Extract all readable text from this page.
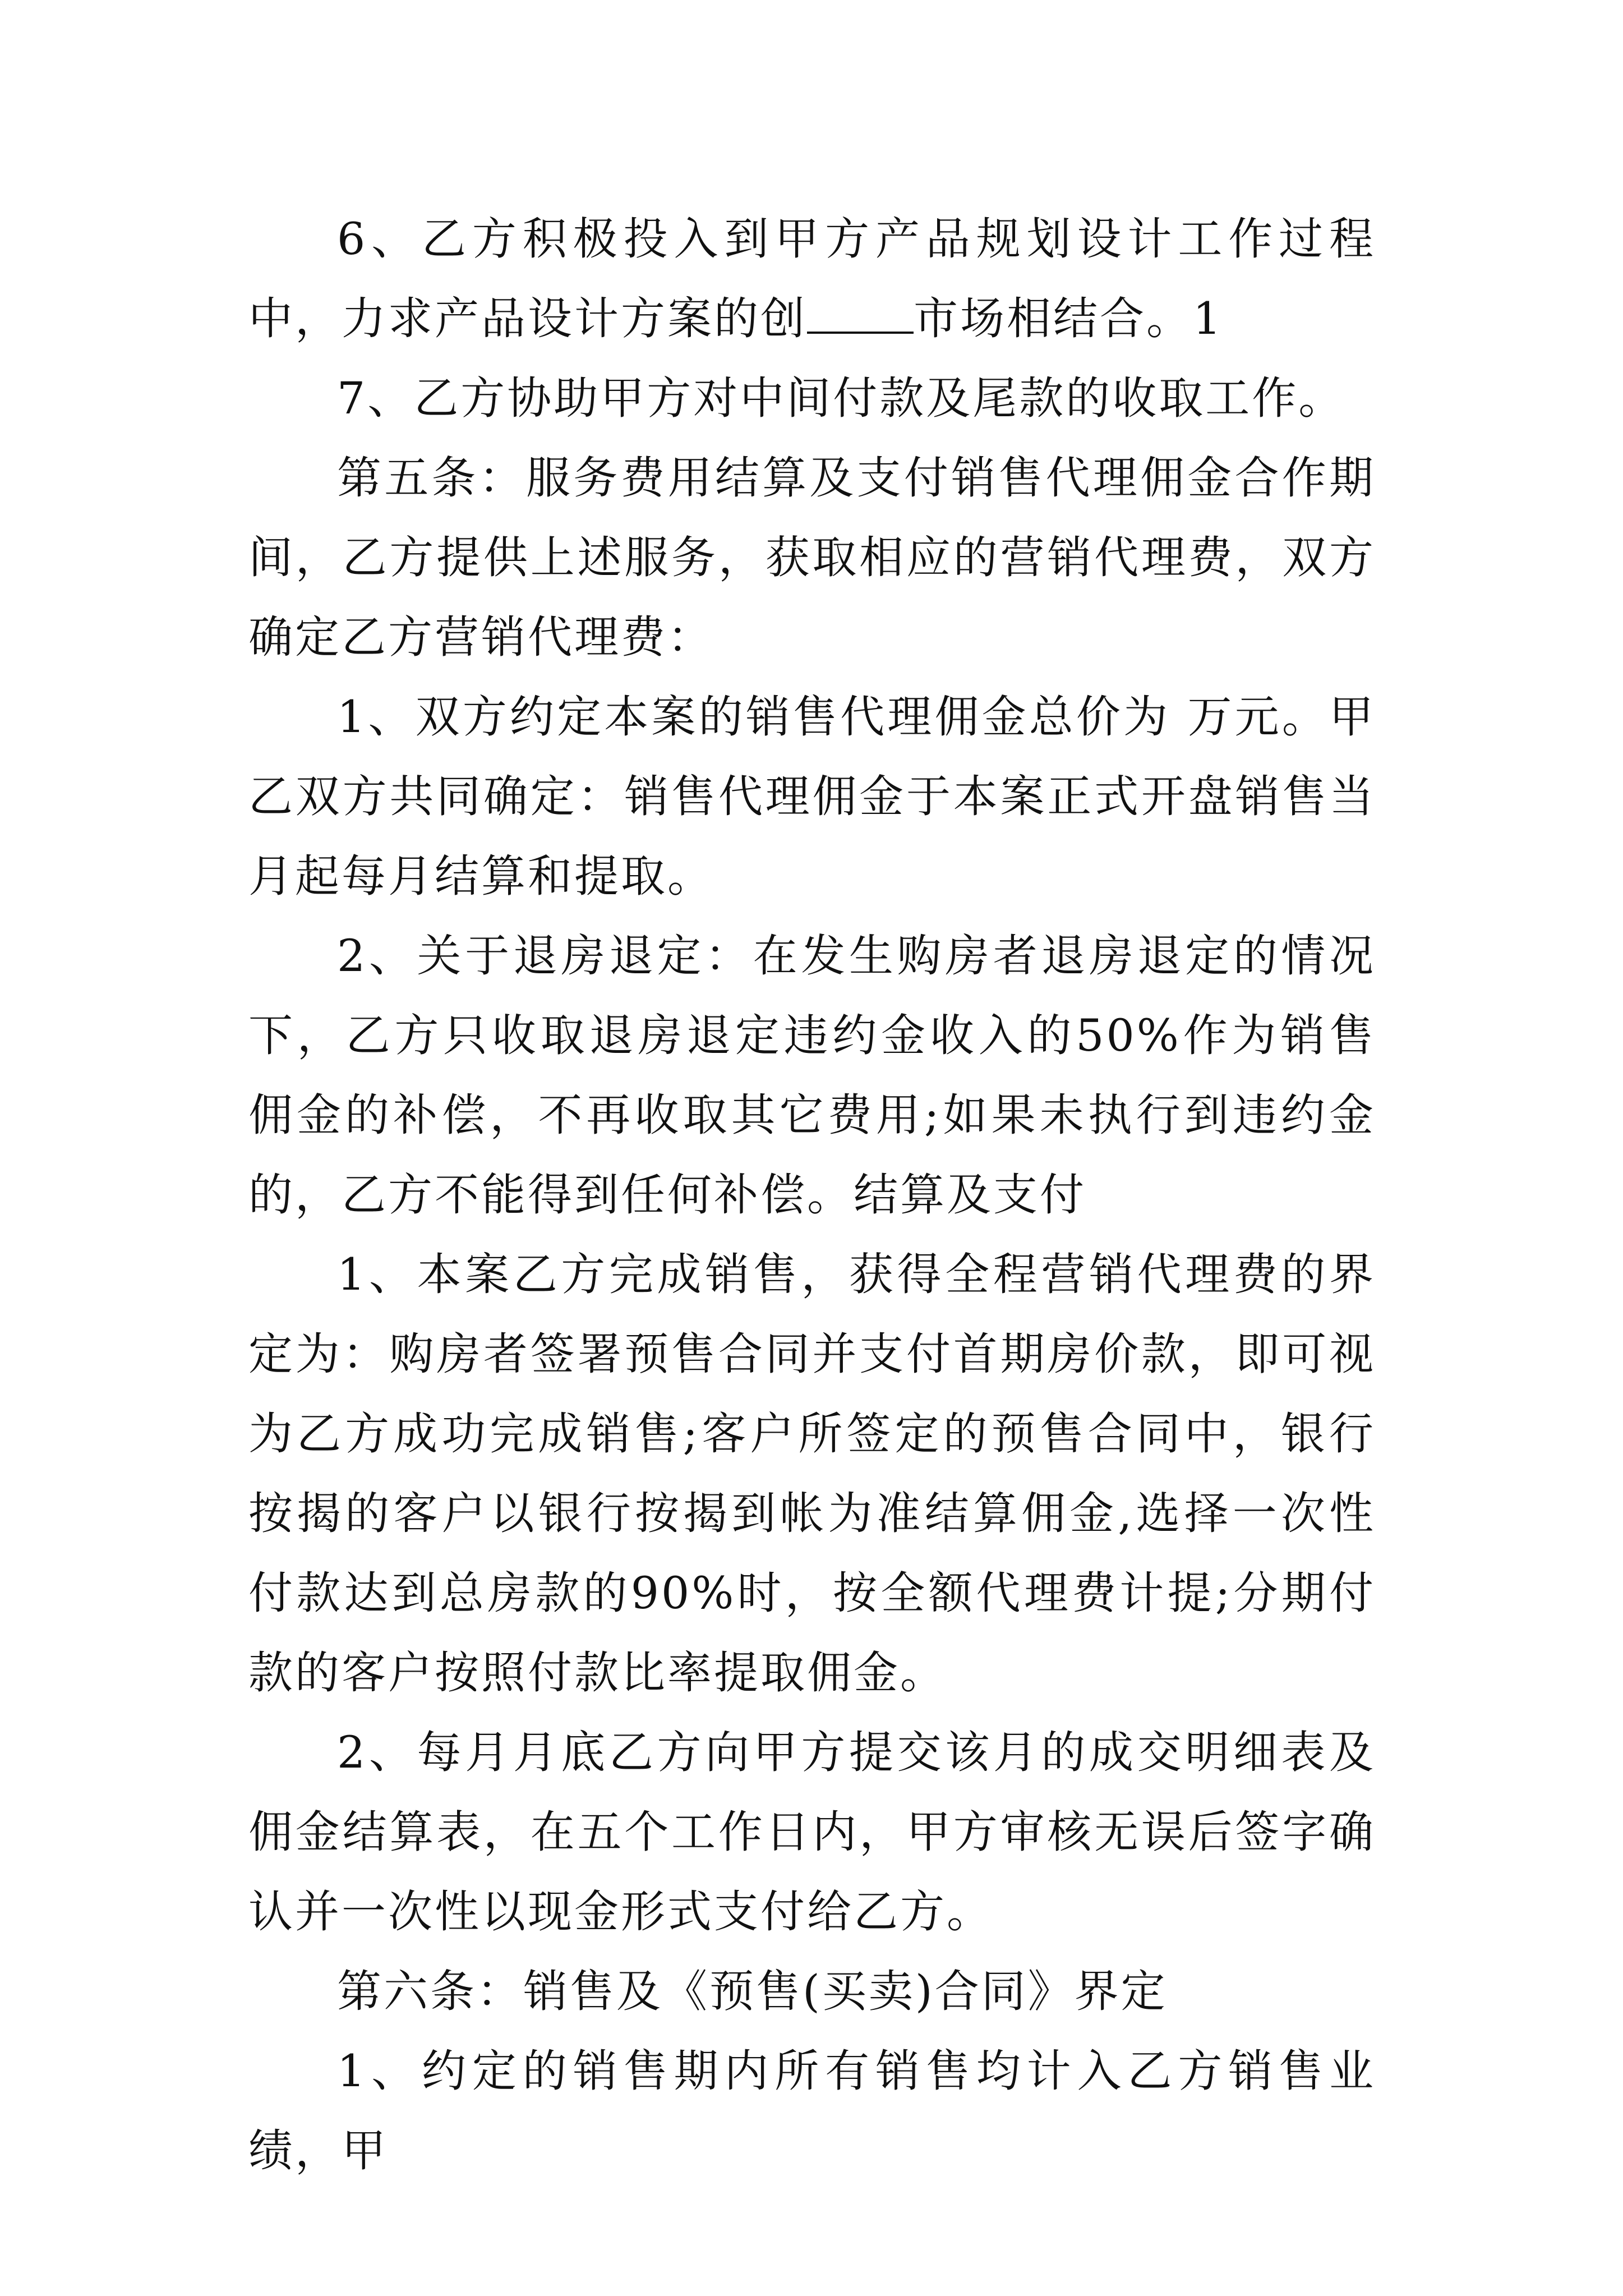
6、乙方积极投入到甲方产品规划设计工作过程中，力求产品设计方案的创 市场相结合。1

7、乙方协助甲方对中间付款及尾款的收取工作。

第五条：服务费用结算及支付销售代理佣金合作期间，乙方提供上述服务，获取相应的营销代理费，双方确定乙方营销代理费：

1、双方约定本案的销售代理佣金总价为 万元。甲乙双方共同确定：销售代理佣金于本案正式开盘销售当月起每月结算和提取。

2、关于退房退定：在发生购房者退房退定的情况下，乙方只收取退房退定违约金收入的50%作为销售佣金的补偿，不再收取其它费用;如果未执行到违约金的，乙方不能得到任何补偿。结算及支付

1、本案乙方完成销售，获得全程营销代理费的界定为：购房者签署预售合同并支付首期房价款，即可视为乙方成功完成销售;客户所签定的预售合同中，银行按揭的客户以银行按揭到帐为准结算佣金,选择一次性付款达到总房款的90%时，按全额代理费计提;分期付款的客户按照付款比率提取佣金。

2、每月月底乙方向甲方提交该月的成交明细表及佣金结算表，在五个工作日内，甲方审核无误后签字确认并一次性以现金形式支付给乙方。

第六条：销售及《预售(买卖)合同》界定

1、约定的销售期内所有销售均计入乙方销售业绩，甲
